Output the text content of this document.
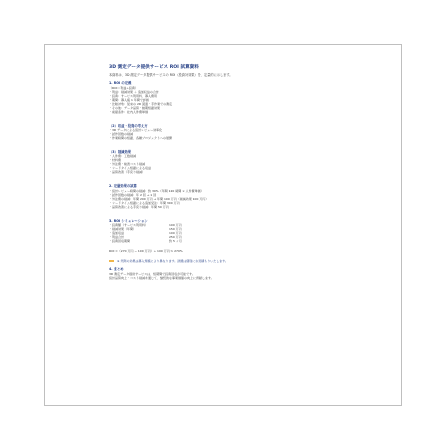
3D 測定データ提供サービス ROI 試算資料
本資料は、3D 測定データ提供サービスの ROI（投資対効果）を、定量的に示します。
1. ROI の定義
（ROI＝利益÷投資）
・利益：削減効果 ＋ 追加収益の合計
・投資：サービス利用料、導入費用
・期間：導入後 1 年間で評価
・比較対象：従来の 2D 図面・手作業での測定
・その他：データ品質・納期短縮効果
・前提条件：社内人件費単価
（2）収益・投資の考え方
・3D データによる設計レビュー効率化
・試作回数の削減
・作業時間の短縮、各種プロジェクトへの展開
（3）削減効果
・人件費：工数削減
・材料費
・外注費・検査コスト削減
・リードタイム短縮による収益
・品質改善（手戻り削減）
2. 定量効果の試算
・設計レビュー時間の削減：約 30%（年間 120 時間 × 人件費単価）
・試作回数の削減：年 2 回 → 1 回
・外注費の削減：年間 200 万円 → 年間 100 万円（削減効果 100 万円）
・リードタイム短縮による追加受注：年間 300 万円
・品質改善による手戻り削減：年間 50 万円
3. ROI シミュレーション
・投資額（サービス利用料）	100 万円
・削減効果（年間）	150 万円
・追加収益	100 万円
・利益合計	250 万円
・投資回収期間	約 5 ヶ月
ROI =（270 万円 − 100 万円）÷ 100 万円 ≒ 270%
※ 実際の効果は導入規模により異なります。詳細は個別にお見積もりいたします。
4. まとめ
3D 測定データ提供サービスは、短期間で投資回収が可能です。
設計品質向上・コスト削減を通じて、継続的な事業価値の向上に貢献します。
